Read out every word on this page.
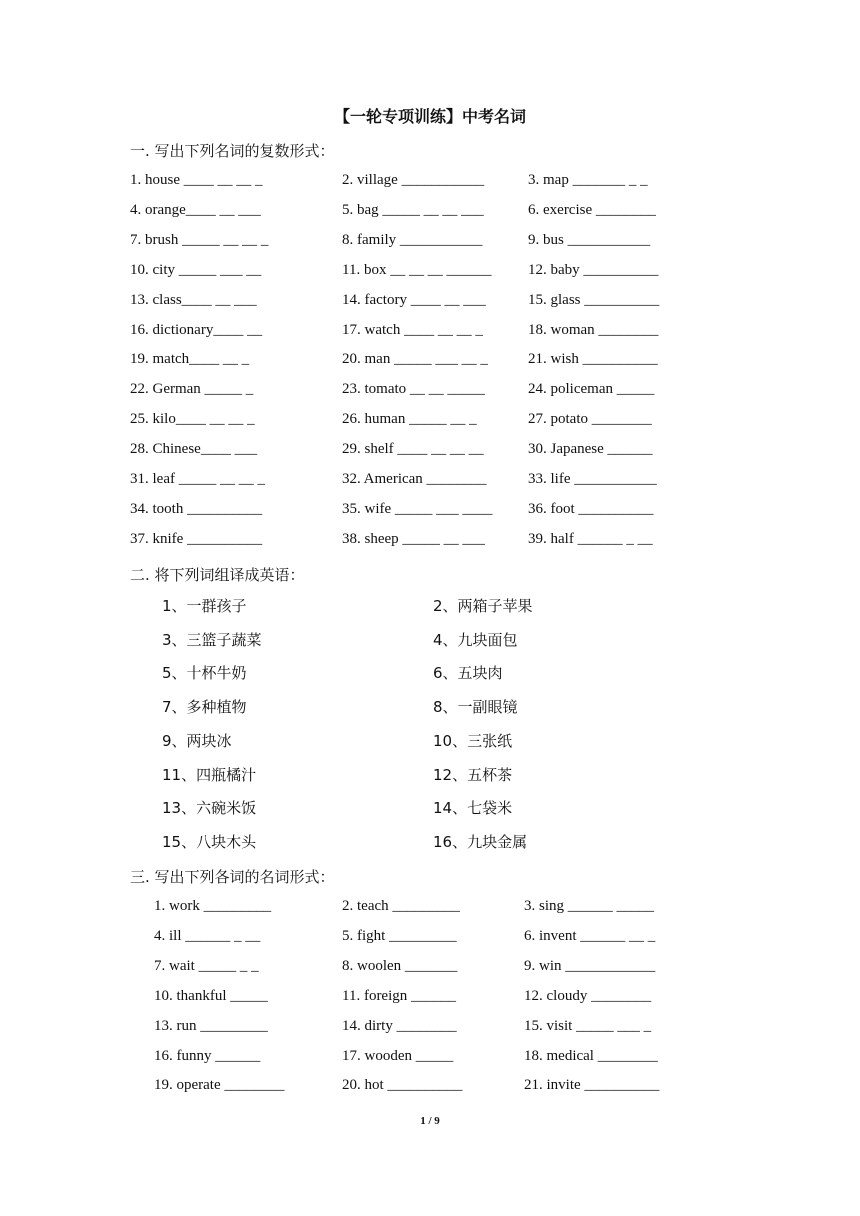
【一轮专项训练】中考名词
一. 写出下列名词的复数形式：
1. house ____ __ __ _	2. village ___________	3. map _______ _ _
4. orange____ __ ___	5. bag _____ __ __ ___	6. exercise ________
7. brush _____ __ __ _	8. family ___________	9. bus ___________
10. city _____ ___ __	11. box __ __ __ ______ 12. baby __________
13. class____ __ ___	14. factory ____ __ ___	15. glass __________
16. dictionary____ __	17. watch ____ __ __ _	18. woman ________
19. match____ __ _	20. man _____ ___ __ _	21. wish __________
22. German _____ _	23. tomato __ __ _____	24. policeman _____
25. kilo____ __ __ _	26. human _____ __ _	27. potato ________
28. Chinese____ ___	29. shelf ____ __ __ __	30. Japanese ______
31. leaf _____ __ __ _	32. American ________	33. life ___________
34. tooth __________	35. wife _____ ___ ____ 36. foot __________
37. knife __________	38. sheep _____ __ ___	39. half ______ _ __
二. 将下列词组译成英语：
1、一群孩子	2、两箱子苹果
3、三篮子蔬菜	4、九块面包
5、十杯牛奶	6、五块肉
7、多种植物	8、一副眼镜
9、两块冰	10、三张纸
11、四瓶橘汁	12、五杯茶
13、六碗米饭	14、七袋米
15、八块木头	16、九块金属
三. 写出下列各词的名词形式：
1. work _________	2. teach _________	3. sing ______ _____
4. ill ______ _ __	5. fight _________	6. invent ______ __ _
7. wait _____ _ _	8. woolen _______	9. win ____________
10. thankful _____	11. foreign ______	12. cloudy ________
13. run _________	14. dirty ________	15. visit _____ ___ _
16. funny ______	17. wooden _____	18. medical ________
19. operate ________	20. hot __________	21. invite __________
1 / 9
